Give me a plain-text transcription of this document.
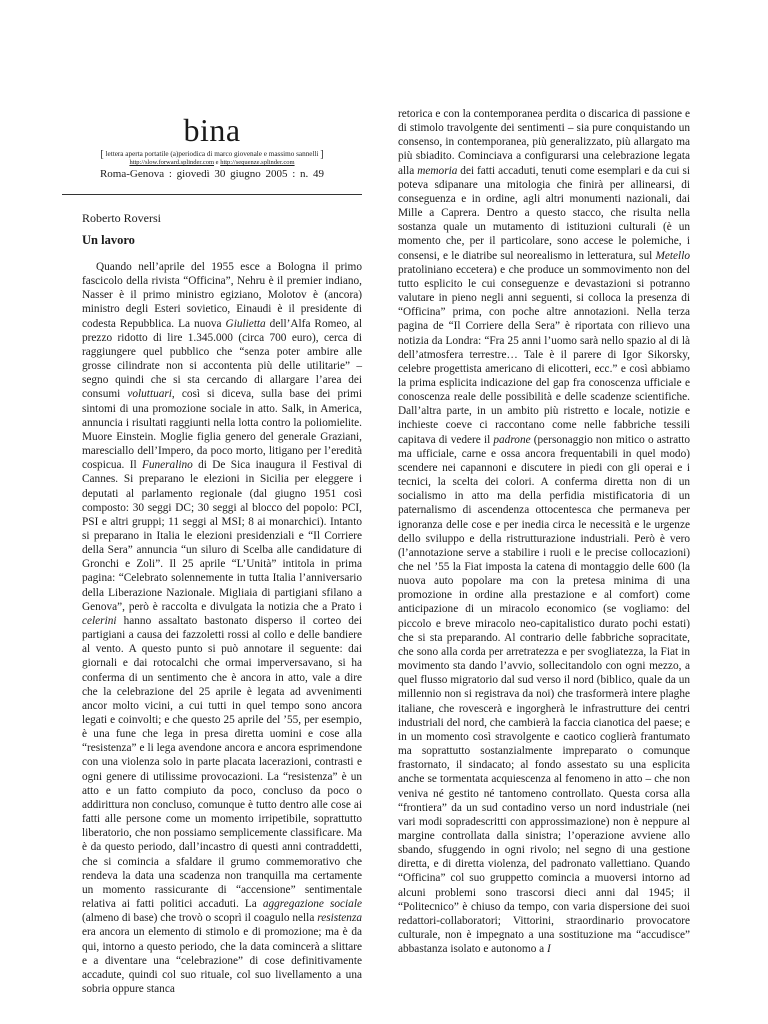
bina
[ lettera aperta portatile (a)periodica di marco giovenale e massimo sannelli ]
http://slow.forward.splinder.com e http://sequenze.splinder.com
Roma-Genova : giovedì 30 giugno 2005 : n. 49
Roberto Roversi
Un lavoro

Quando nell’aprile del 1955 esce a Bologna il primo fascicolo della rivista “Officina”, Nehru è il premier indiano, Nasser è il primo ministro egiziano, Molotov è (ancora) ministro degli Esteri sovietico, Einaudi è il presidente di codesta Repubblica. La nuova Giulietta dell’Alfa Romeo, al prezzo ridotto di lire 1.345.000 (circa 700 euro), cerca di raggiungere quel pubblico che “senza poter ambire alle grosse cilindrate non si accontenta più delle utilitarie” – segno quindi che si sta cercando di allargare l’area dei consumi voluttuari, così si diceva, sulla base dei primi sintomi di una promozione sociale in atto. Salk, in America, annuncia i risultati raggiunti nella lotta contro la poliomielite. Muore Einstein. Moglie figlia genero del generale Graziani, maresciallo dell’Impero, da poco morto, litigano per l’eredità cospicua. Il Funeralino di De Sica inaugura il Festival di Cannes. Si preparano le elezioni in Sicilia per eleggere i deputati al parlamento regionale (dal giugno 1951 così composto: 30 seggi DC; 30 seggi al blocco del popolo: PCI, PSI e altri gruppi; 11 seggi al MSI; 8 ai monarchici). Intanto si preparano in Italia le elezioni presidenziali e “Il Corriere della Sera” annuncia “un siluro di Scelba alle candidature di Gronchi e Zoli”. Il 25 aprile “L’Unità” intitola in prima pagina: “Celebrato solennemente in tutta Italia l’anniversario della Liberazione Nazionale. Migliaia di partigiani sfilano a Genova”, però è raccolta e divulgata la notizia che a Prato i celerini hanno assaltato bastonato disperso il corteo dei partigiani a causa dei fazzoletti rossi al collo e delle bandiere al vento. A questo punto si può annotare il seguente: dai giornali e dai rotocalchi che ormai imperversavano, si ha conferma di un sentimento che è ancora in atto, vale a dire che la celebrazione del 25 aprile è legata ad avvenimenti ancor molto vicini, a cui tutti in quel tempo sono ancora legati e coinvolti; e che questo 25 aprile del ’55, per esempio, è una fune che lega in presa diretta uomini e cose alla “resistenza” e li lega avendone ancora e ancora esprimendone con una violenza solo in parte placata lacerazioni, contrasti e ogni genere di utilissime provocazioni. La “resistenza” è un atto e un fatto compiuto da poco, concluso da poco o addirittura non concluso, comunque è tutto dentro alle cose ai fatti alle persone come un momento irripetibile, soprattutto liberatorio, che non possiamo semplicemente classificare. Ma è da questo periodo, dall’incastro di questi anni contraddetti, che si comincia a sfaldare il grumo commemorativo che rendeva la data una scadenza non tranquilla ma certamente un momento rassicurante di “accensione” sentimentale relativa ai fatti politici accaduti. La aggregazione sociale (almeno di base) che trovò o scoprì il coagulo nella resistenza era ancora un elemento di stimolo e di promozione; ma è da qui, intorno a questo periodo, che la data comincerà a slittare e a diventare una “celebrazione” di cose definitivamente accadute, quindi col suo rituale, col suo livellamento a una sobria oppure stanca

retorica e con la contemporanea perdita o discarica di passione e di stimolo travolgente dei sentimenti – sia pure conquistando un consenso, in contemporanea, più generalizzato, più allargato ma più sbiadito. Cominciava a configurarsi una celebrazione legata alla memoria dei fatti accaduti, tenuti come esemplari e da cui si poteva sdipanare una mitologia che finirà per allinearsi, di conseguenza e in ordine, agli altri monumenti nazionali, dai Mille a Caprera. Dentro a questo stacco, che risulta nella sostanza quale un mutamento di istituzioni culturali (è un momento che, per il particolare, sono accese le polemiche, i consensi, e le diatribe sul neorealismo in letteratura, sul Metello pratoliniano eccetera) e che produce un sommovimento non del tutto esplicito le cui conseguenze e devastazioni si potranno valutare in pieno negli anni seguenti, si colloca la presenza di “Officina” prima, con poche altre annotazioni. Nella terza pagina de “Il Corriere della Sera” è riportata con rilievo una notizia da Londra: “Fra 25 anni l’uomo sarà nello spazio al di là dell’atmosfera terrestre… Tale è il parere di Igor Sikorsky, celebre progettista americano di elicotteri, ecc.” e così abbiamo la prima esplicita indicazione del gap fra conoscenza ufficiale e conoscenza reale delle possibilità e delle scadenze scientifiche. Dall’altra parte, in un ambito più ristretto e locale, notizie e inchieste coeve ci raccontano come nelle fabbriche tessili capitava di vedere il padrone (personaggio non mitico o astratto ma ufficiale, carne e ossa ancora frequentabili in quel modo) scendere nei capannoni e discutere in piedi con gli operai e i tecnici, la scelta dei colori. A conferma diretta non di un socialismo in atto ma della perfidia mistificatoria di un paternalismo di ascendenza ottocentesca che permaneva per ignoranza delle cose e per inedia circa le necessità e le urgenze dello sviluppo e della ristrutturazione industriali. Però è vero (l’annotazione serve a stabilire i ruoli e le precise collocazioni) che nel ’55 la Fiat imposta la catena di montaggio delle 600 (la nuova auto popolare ma con la pretesa minima di una promozione in ordine alla prestazione e al comfort) come anticipazione di un miracolo economico (se vogliamo: del piccolo e breve miracolo neo-capitalistico durato pochi estati) che si sta preparando. Al contrario delle fabbriche sopracitate, che sono alla corda per arretratezza e per svogliatezza, la Fiat in movimento sta dando l’avvio, sollecitandolo con ogni mezzo, a quel flusso migratorio dal sud verso il nord (biblico, quale da un millennio non si registrava da noi) che trasformerà intere plaghe italiane, che rovescerà e ingorgherà le infrastrutture dei centri industriali del nord, che cambierà la faccia cianotica del paese; e in un momento così stravolgente e caotico coglierà frantumato ma soprattutto sostanzialmente impreparato o comunque frastornato, il sindacato; al fondo assestato su una esplicita anche se tormentata acquiescenza al fenomeno in atto – che non veniva né gestito né tantomeno controllato. Questa corsa alla “frontiera” da un sud contadino verso un nord industriale (nei vari modi sopradescritti con approssimazione) non è neppure al margine controllata dalla sinistra; l’operazione avviene allo sbando, sfuggendo in ogni rivolo; nel segno di una gestione diretta, e di diretta violenza, del padronato vallettiano. Quando “Officina” col suo gruppetto comincia a muoversi intorno ad alcuni problemi sono trascorsi dieci anni dal 1945; il “Politecnico” è chiuso da tempo, con varia dispersione dei suoi redattori-collaboratori; Vittorini, straordinario provocatore culturale, non è impegnato a una sostituzione ma “accudisce” abbastanza isolato e autonomo a I
